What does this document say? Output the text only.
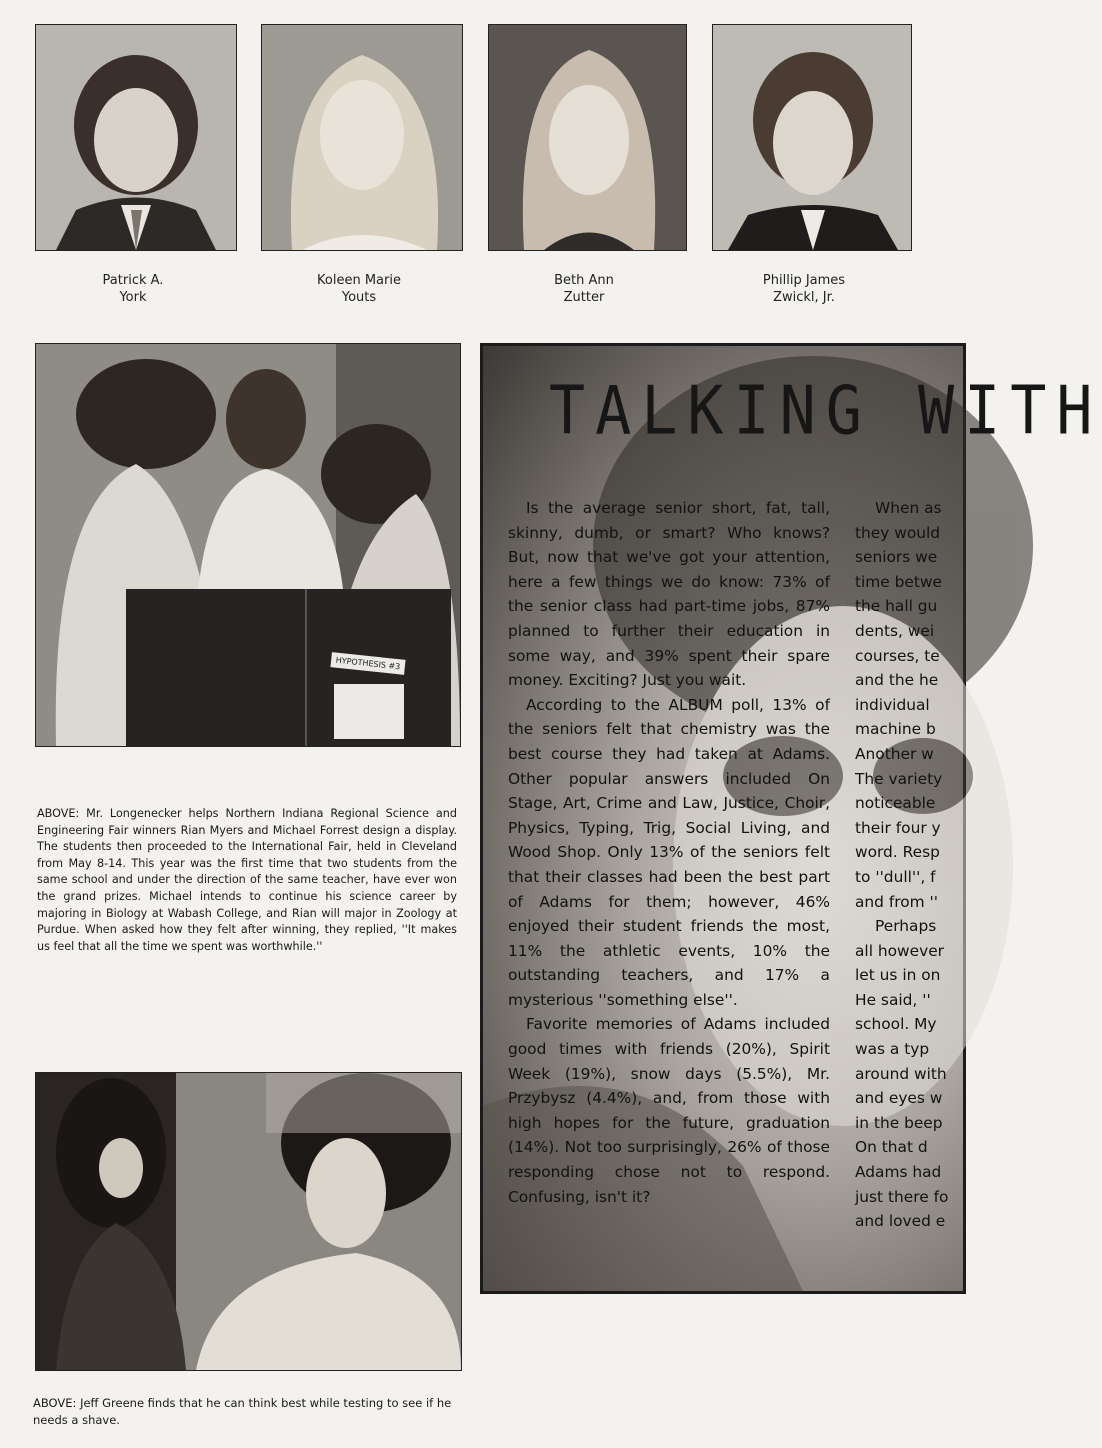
Patrick A.
York
Koleen Marie
Youts
Beth Ann
Zutter
Phillip James
Zwickl, Jr.
HYPOTHESIS #3
ABOVE: Mr. Longenecker helps Northern Indiana Regional Science and Engineering Fair winners Rian Myers and Michael Forrest design a display. The students then proceeded to the International Fair, held in Cleveland from May 8-14. This year was the first time that two students from the same school and under the direction of the same teacher, have ever won the grand prizes. Michael intends to continue his science career by majoring in Biology at Wabash College, and Rian will major in Zoology at Purdue. When asked how they felt after winning, they replied, ''It makes us feel that all the time we spent was worthwhile.''
ABOVE: Jeff Greene finds that he can think best while testing to see if he needs a shave.
TALKING WITH

Is the average senior short, fat, tall, skinny, dumb, or smart? Who knows? But, now that we've got your attention, here a few things we do know: 73% of the senior class had part-time jobs, 87% planned to further their education in some way, and 39% spent their spare money. Exciting? Just you wait.

According to the ALBUM poll, 13% of the seniors felt that chemistry was the best course they had taken at Adams. Other popular answers included On Stage, Art, Crime and Law, Justice, Choir, Physics, Typing, Trig, Social Living, and Wood Shop. Only 13% of the seniors felt that their classes had been the best part of Adams for them; however, 46% enjoyed their student friends the most, 11% the athletic events, 10% the outstanding teachers, and 17% a mysterious ''something else''.

Favorite memories of Adams included good times with friends (20%), Spirit Week (19%), snow days (5.5%), Mr. Przybysz (4.4%), and, from those with high hopes for the future, graduation (14%). Not too surprisingly, 26% of those responding chose not to respond. Confusing, isn't it?

When as

they would

seniors we

time betwe

the hall gu

dents, wei

courses, te

and the he

individual

machine b

Another w

The variety

noticeable

their four y

word. Resp

to ''dull'', f

and from ''

Perhaps

all however

let us in on

He said, ''

school. My

was a typ

around with

and eyes w

in the beep

On that d

Adams had

just there fo

and loved e
